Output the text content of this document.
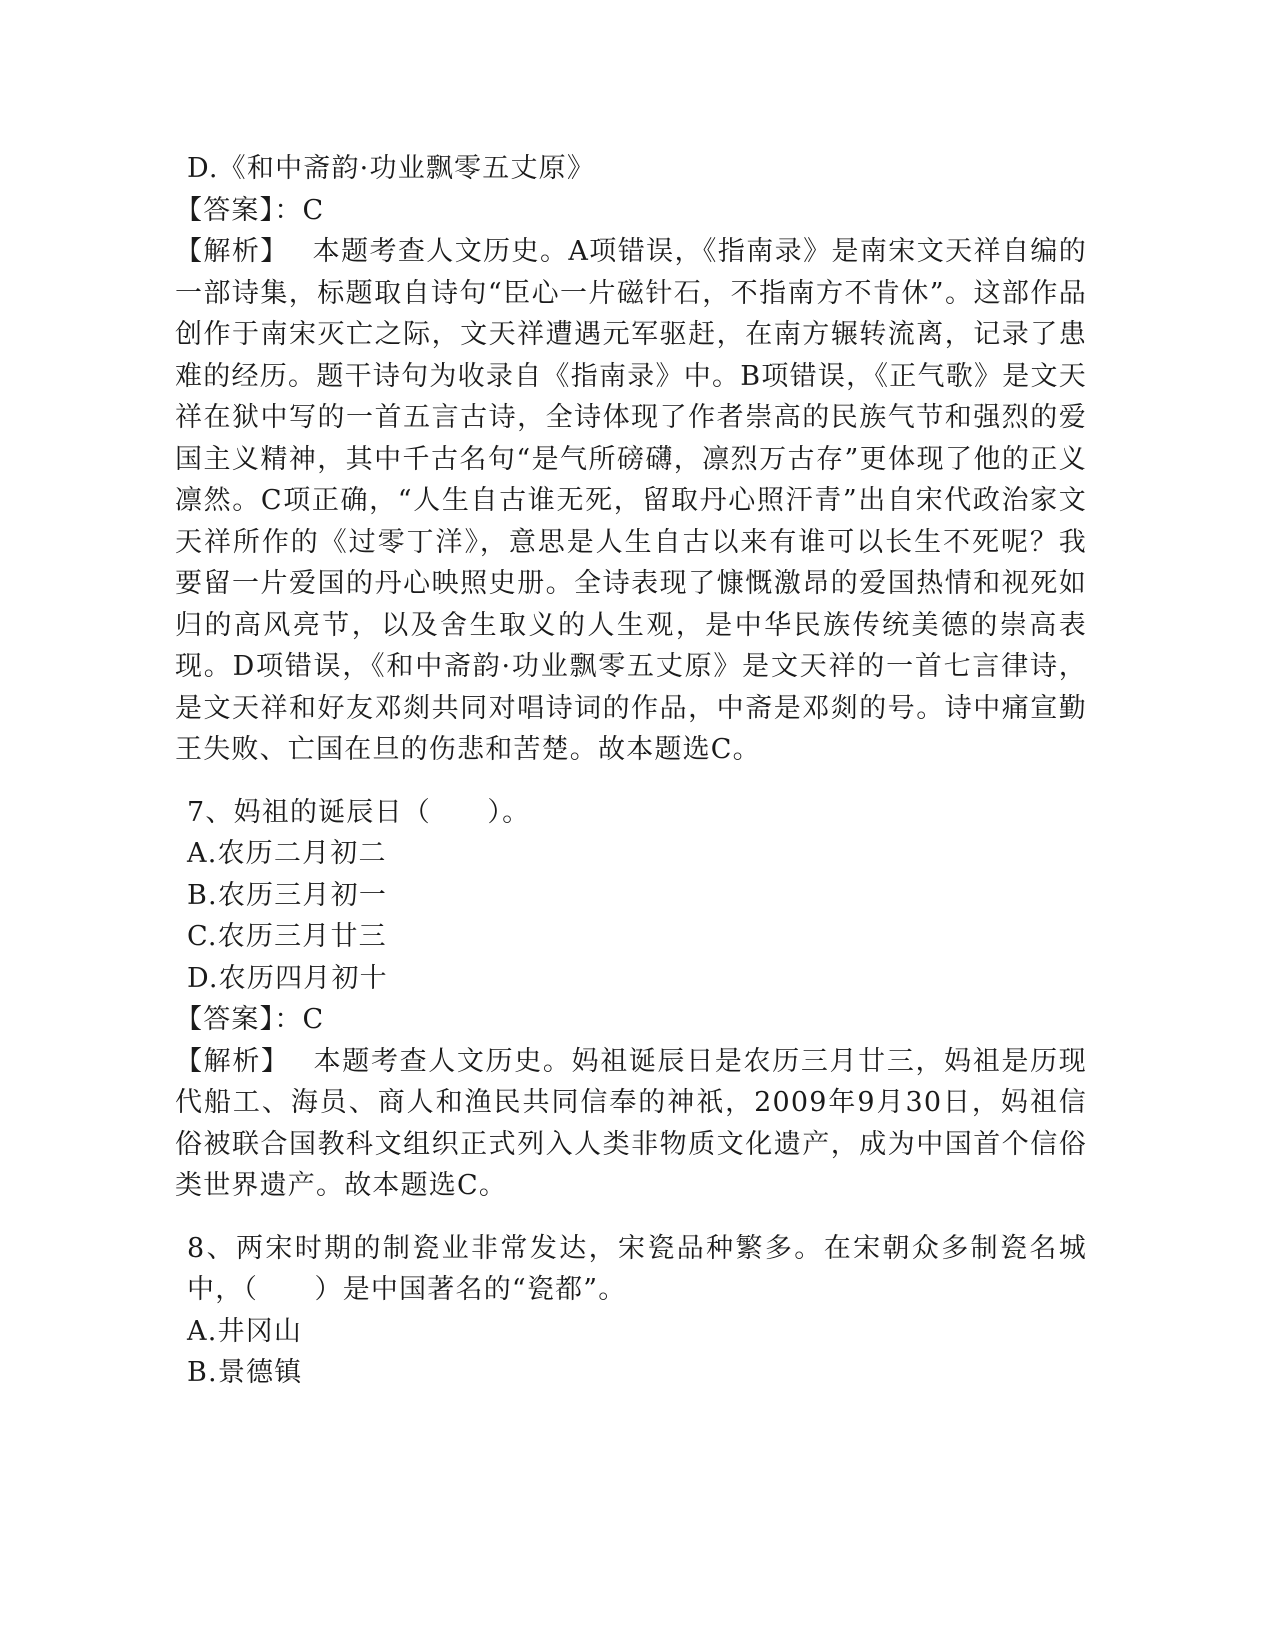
D.《和中斋韵·功业飘零五丈原》

【答案】：C

【解析】 本题考查人文历史。A项错误，《指南录》是南宋文天祥自编的一部诗集，标题取自诗句“臣心一片磁针石，不指南方不肯休”。这部作品创作于南宋灭亡之际，文天祥遭遇元军驱赶，在南方辗转流离，记录了患难的经历。题干诗句为收录自《指南录》中。B项错误，《正气歌》是文天祥在狱中写的一首五言古诗，全诗体现了作者崇高的民族气节和强烈的爱国主义精神，其中千古名句“是气所磅礴，凛烈万古存”更体现了他的正义凛然。C项正确，“人生自古谁无死，留取丹心照汗青”出自宋代政治家文天祥所作的《过零丁洋》，意思是人生自古以来有谁可以长生不死呢？我要留一片爱国的丹心映照史册。全诗表现了慷慨激昂的爱国热情和视死如归的高风亮节，以及舍生取义的人生观，是中华民族传统美德的崇高表现。D项错误，《和中斋韵·功业飘零五丈原》是文天祥的一首七言律诗，是文天祥和好友邓剡共同对唱诗词的作品，中斋是邓剡的号。诗中痛宣勤王失败、亡国在旦的伤悲和苦楚。故本题选C。

7、妈祖的诞辰日（　　）。

A.农历二月初二

B.农历三月初一

C.农历三月廿三

D.农历四月初十

【答案】：C

【解析】 本题考查人文历史。妈祖诞辰日是农历三月廿三，妈祖是历现代船工、海员、商人和渔民共同信奉的神祇，2009年9月30日，妈祖信俗被联合国教科文组织正式列入人类非物质文化遗产，成为中国首个信俗类世界遗产。故本题选C。

8、两宋时期的制瓷业非常发达，宋瓷品种繁多。在宋朝众多制瓷名城中，（　　）是中国著名的“瓷都”。

A.井冈山

B.景德镇
